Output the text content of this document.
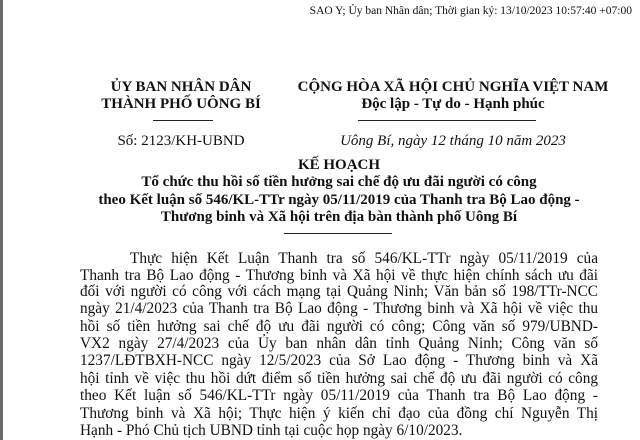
SAO Y; Ủy ban Nhân dân; Thời gian ký: 13/10/2023 10:57:40 +07:00
ỦY BAN NHÂN DÂN
THÀNH PHỐ UÔNG BÍ
Số: 2123/KH-UBND
CỘNG HÒA XÃ HỘI CHỦ NGHĨA VIỆT NAM
Độc lập - Tự do - Hạnh phúc
Uông Bí, ngày 12 tháng 10 năm 2023
KẾ HOẠCH
Tổ chức thu hồi số tiền hưởng sai chế độ ưu đãi người có công
theo Kết luận số 546/KL-TTr ngày 05/11/2019 của Thanh tra Bộ Lao động -
Thương binh và Xã hội trên địa bàn thành phố Uông Bí
Thực hiện Kết Luận Thanh tra số 546/KL-TTr ngày 05/11/2019 của
Thanh tra Bộ Lao động - Thương binh và Xã hội về thực hiện chính sách ưu đãi
đối với người có công với cách mạng tại Quảng Ninh; Văn bản số 198/TTr-NCC
ngày 21/4/2023 của Thanh tra Bộ Lao động - Thương binh và Xã hội về việc thu
hồi số tiền hưởng sai chế độ ưu đãi người có công; Công văn số 979/UBND-
VX2 ngày 27/4/2023 của Ủy ban nhân dân tỉnh Quảng Ninh; Công văn số
1237/LĐTBXH-NCC ngày 12/5/2023 của Sở Lao động - Thương binh và Xã
hội tỉnh về việc thu hồi dứt điểm số tiền hưởng sai chế độ ưu đãi người có công
theo Kết luận số 546/KL-TTr ngày 05/11/2019 của Thanh tra Bộ Lao động -
Thương binh và Xã hội; Thực hiện ý kiến chỉ đạo của đồng chí Nguyễn Thị
Hạnh - Phó Chủ tịch UBND tỉnh tại cuộc họp ngày 6/10/2023.
